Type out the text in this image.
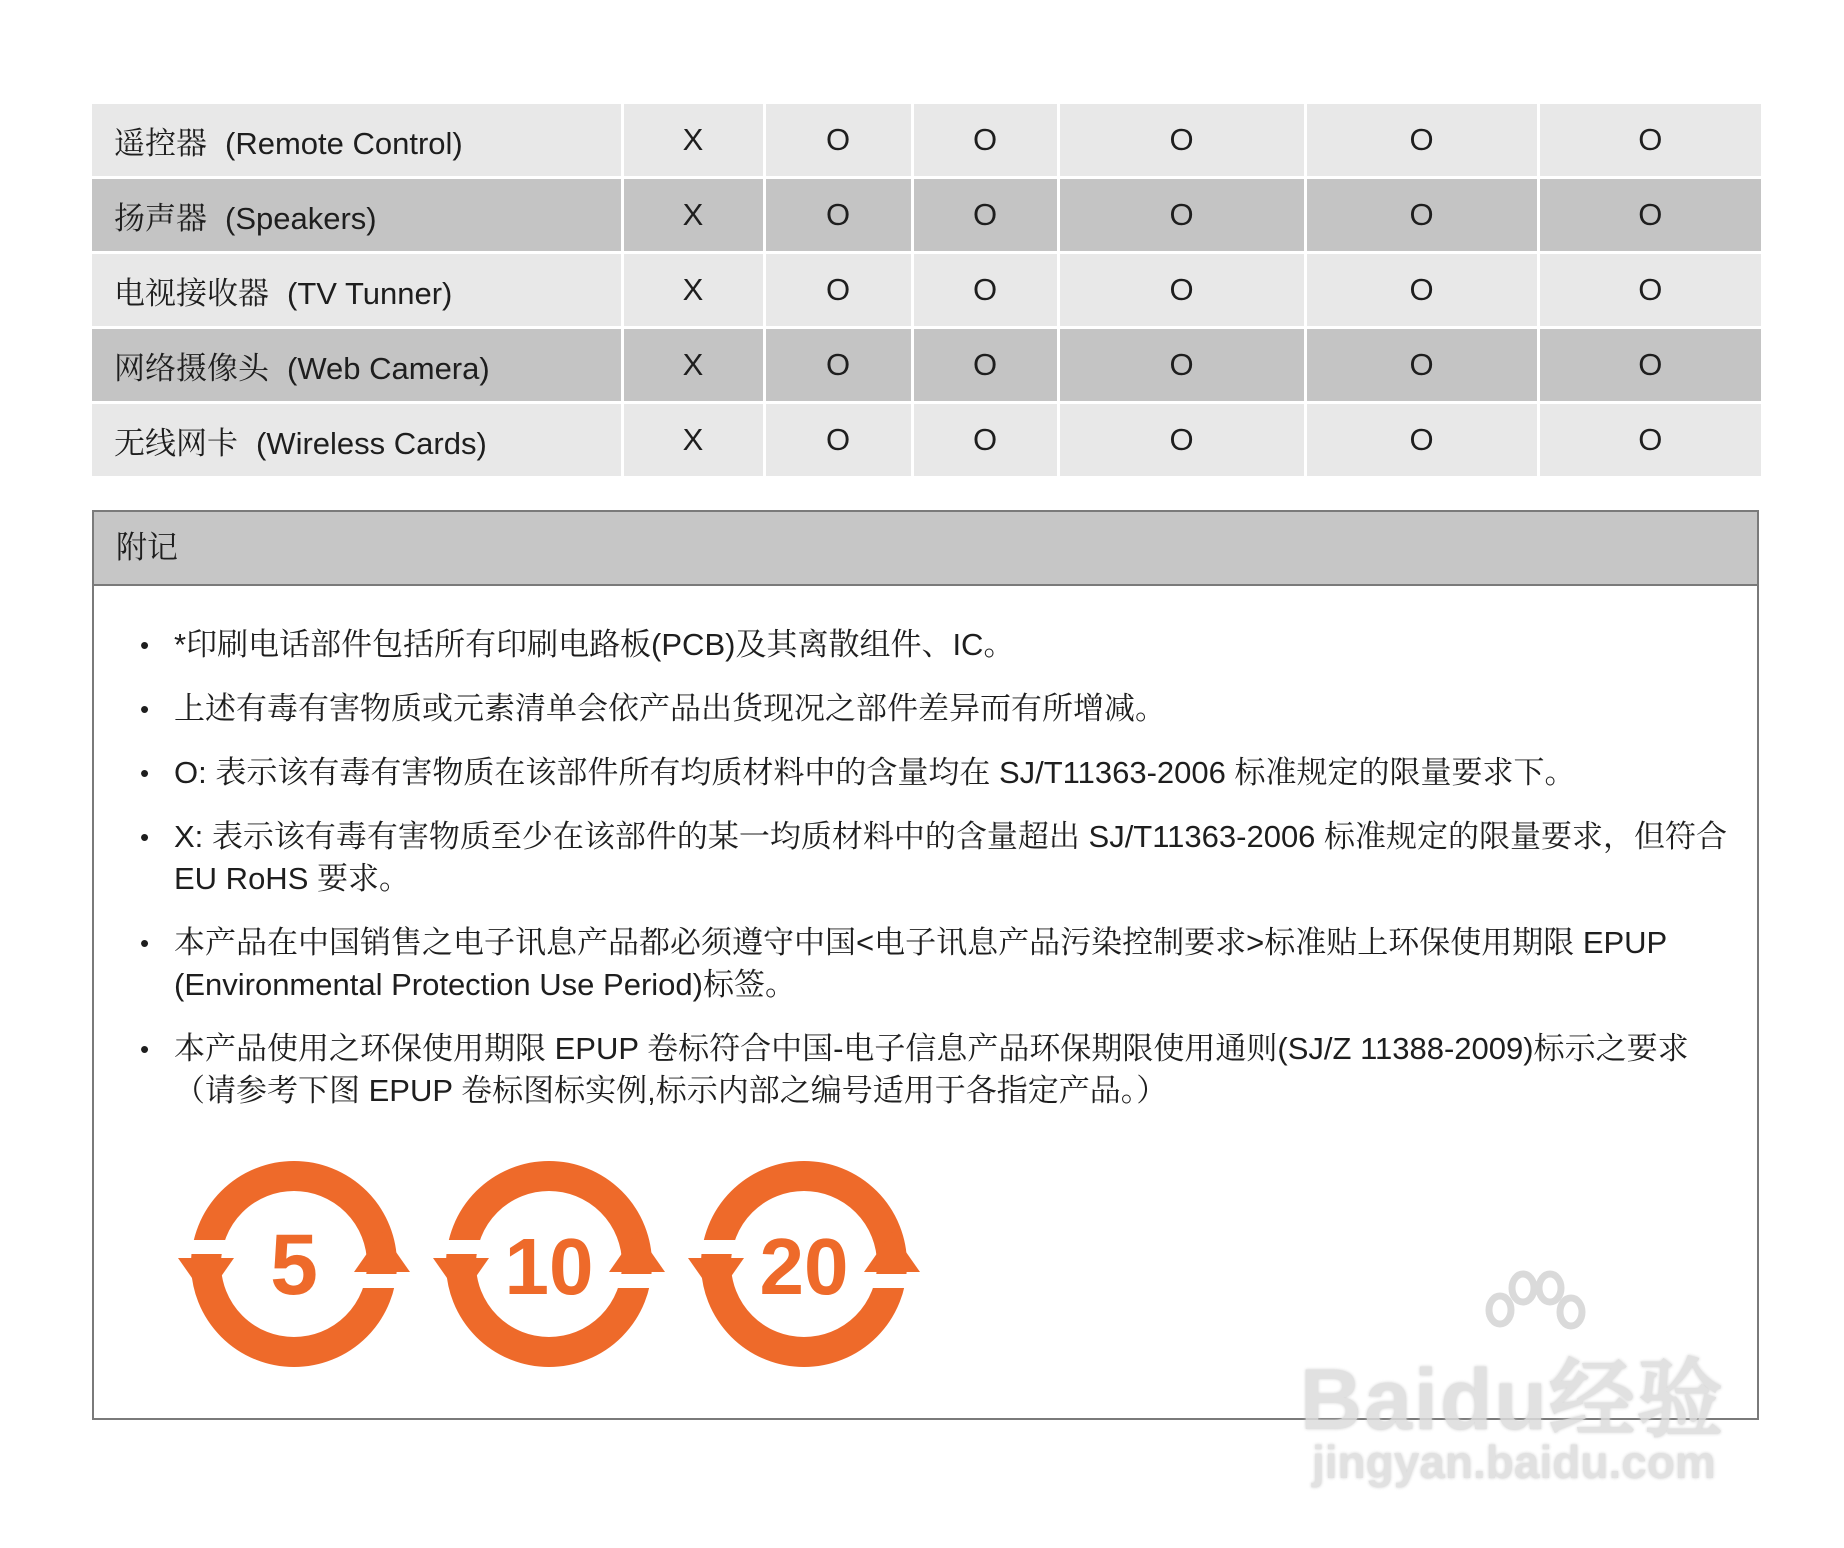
遥控器 (Remote Control)	X	O	O	O	O	O
扬声器 (Speakers)	X	O	O	O	O	O
电视接收器 (TV Tunner)	X	O	O	O	O	O
网络摄像头 (Web Camera)	X	O	O	O	O	O
无线网卡 (Wireless Cards)	X	O	O	O	O	O
附记
• *印刷电话部件包括所有印刷电路板(PCB)及其离散组件、IC。
• 上述有毒有害物质或元素清单会依产品出货现况之部件差异而有所增减。
• O: 表示该有毒有害物质在该部件所有均质材料中的含量均在 SJ/T11363-2006 标准规定的限量要求下。
• X: 表示该有毒有害物质至少在该部件的某一均质材料中的含量超出 SJ/T11363-2006 标准规定的限量要求，但符合 EU RoHS 要求。
• 本产品在中国销售之电子讯息产品都必须遵守中国<电子讯息产品污染控制要求>标准贴上环保使用期限 EPUP (Environmental Protection Use Period)标签。
• 本产品使用之环保使用期限 EPUP 卷标符合中国-电子信息产品环保期限使用通则(SJ/Z 11388-2009)标示之要求（请参考下图 EPUP 卷标图标实例,标示内部之编号适用于各指定产品。）
5 10 20
Baidu经验
jingyan.baidu.com
